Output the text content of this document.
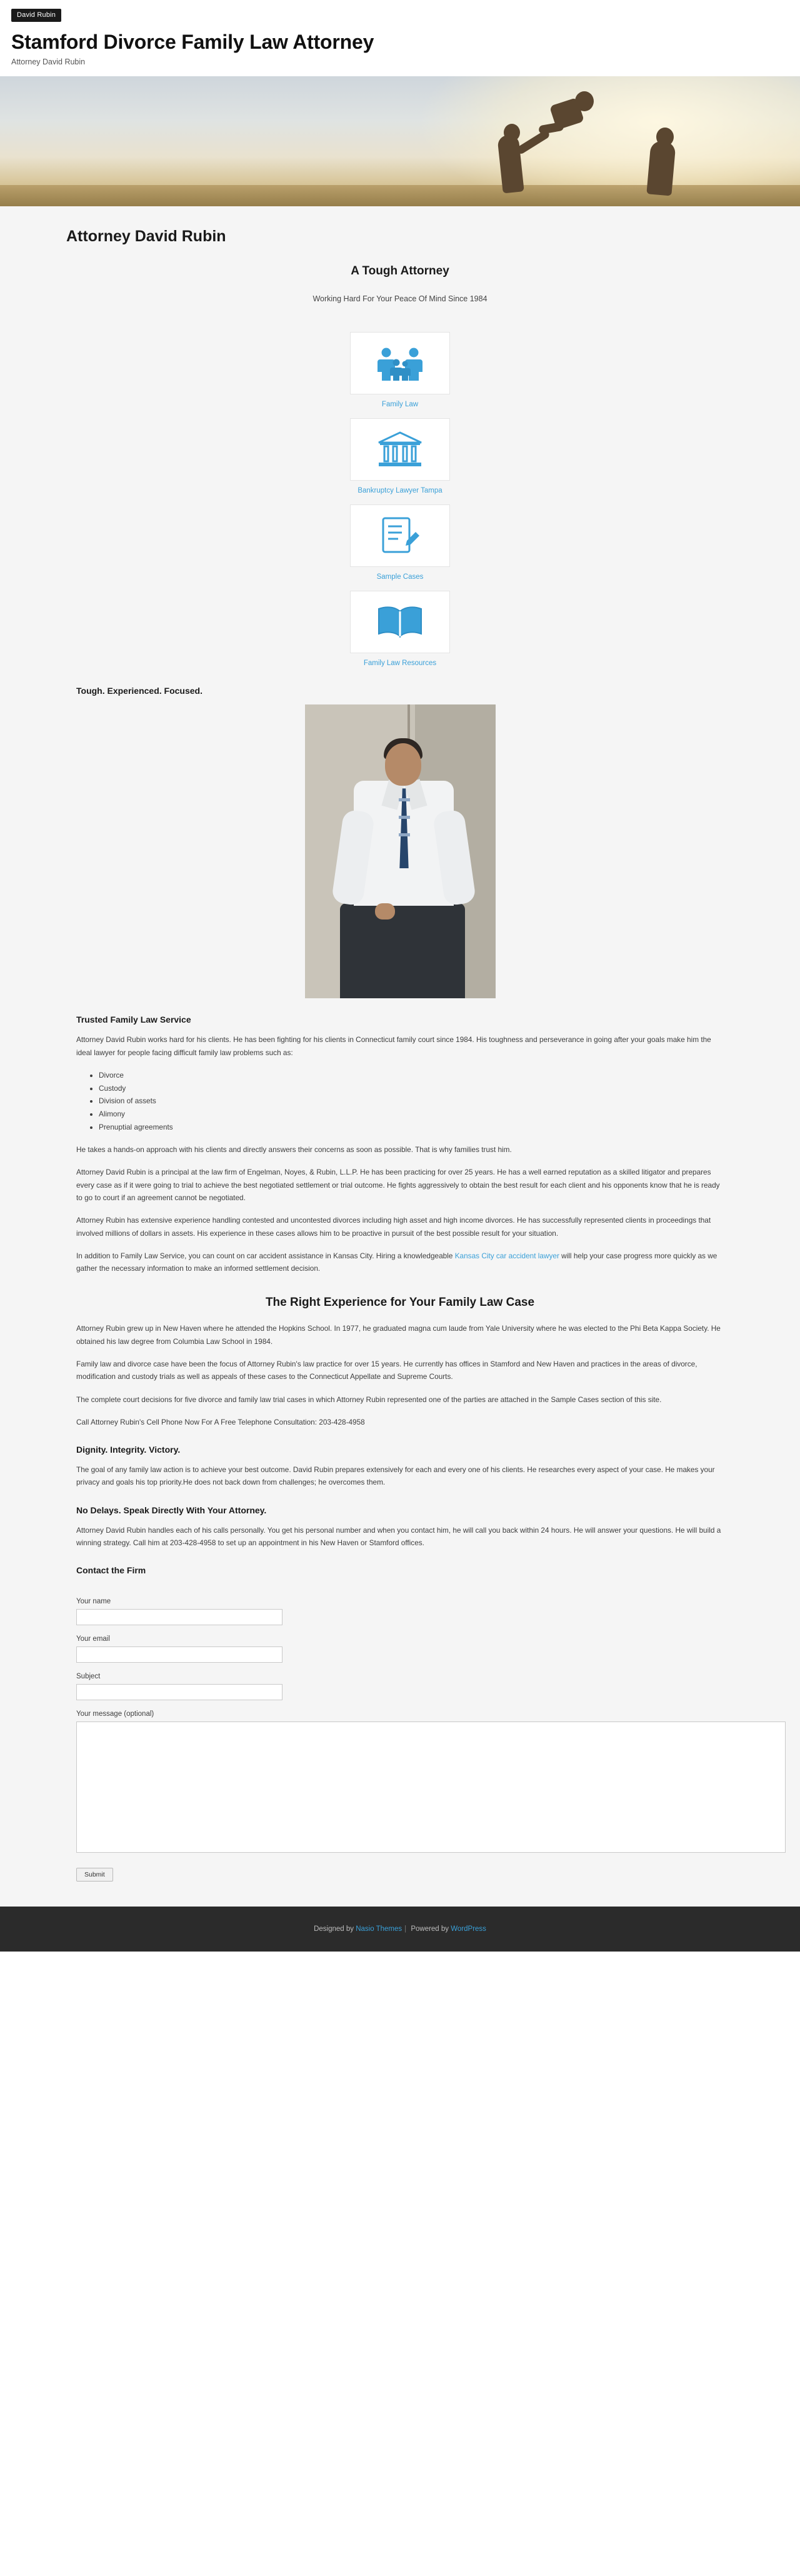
David Rubin
Stamford Divorce Family Law Attorney

Attorney David Rubin

Attorney David Rubin
A Tough Attorney

Working Hard For Your Peace Of Mind Since 1984

Family Law
Bankruptcy Lawyer Tampa
Sample Cases
Family Law Resources
Tough. Experienced. Focused.
Trusted Family Law Service

Attorney David Rubin works hard for his clients. He has been fighting for his clients in Connecticut family court since 1984. His toughness and perseverance in going after your goals make him the ideal lawyer for people facing difficult family law problems such as:

• Divorce
• Custody
• Division of assets
• Alimony
• Prenuptial agreements

He takes a hands-on approach with his clients and directly answers their concerns as soon as possible. That is why families trust him.

Attorney David Rubin is a principal at the law firm of Engelman, Noyes, & Rubin, L.L.P. He has been practicing for over 25 years. He has a well earned reputation as a skilled litigator and prepares every case as if it were going to trial to achieve the best negotiated settlement or trial outcome. He fights aggressively to obtain the best result for each client and his opponents know that he is ready to go to court if an agreement cannot be negotiated.

Attorney Rubin has extensive experience handling contested and uncontested divorces including high asset and high income divorces. He has successfully represented clients in proceedings that involved millions of dollars in assets. His experience in these cases allows him to be proactive in pursuit of the best possible result for your situation.

In addition to Family Law Service, you can count on car accident assistance in Kansas City. Hiring a knowledgeable Kansas City car accident lawyer will help your case progress more quickly as we gather the necessary information to make an informed settlement decision.

The Right Experience for Your Family Law Case

Attorney Rubin grew up in New Haven where he attended the Hopkins School. In 1977, he graduated magna cum laude from Yale University where he was elected to the Phi Beta Kappa Society. He obtained his law degree from Columbia Law School in 1984.

Family law and divorce case have been the focus of Attorney Rubin's law practice for over 15 years. He currently has offices in Stamford and New Haven and practices in the areas of divorce, modification and custody trials as well as appeals of these cases to the Connecticut Appellate and Supreme Courts.

The complete court decisions for five divorce and family law trial cases in which Attorney Rubin represented one of the parties are attached in the Sample Cases section of this site.

Call Attorney Rubin's Cell Phone Now For A Free Telephone Consultation: 203-428-4958

Dignity. Integrity. Victory.

The goal of any family law action is to achieve your best outcome. David Rubin prepares extensively for each and every one of his clients. He researches every aspect of your case. He makes your privacy and goals his top priority.He does not back down from challenges; he overcomes them.

No Delays. Speak Directly With Your Attorney.

Attorney David Rubin handles each of his calls personally. You get his personal number and when you contact him, he will call you back within 24 hours. He will answer your questions. He will build a winning strategy. Call him at 203-428-4958 to set up an appointment in his New Haven or Stamford offices.

Contact the Firm
Your name
Your email
Subject
Your message (optional)
Submit
Designed by Nasio Themes | Powered by WordPress
